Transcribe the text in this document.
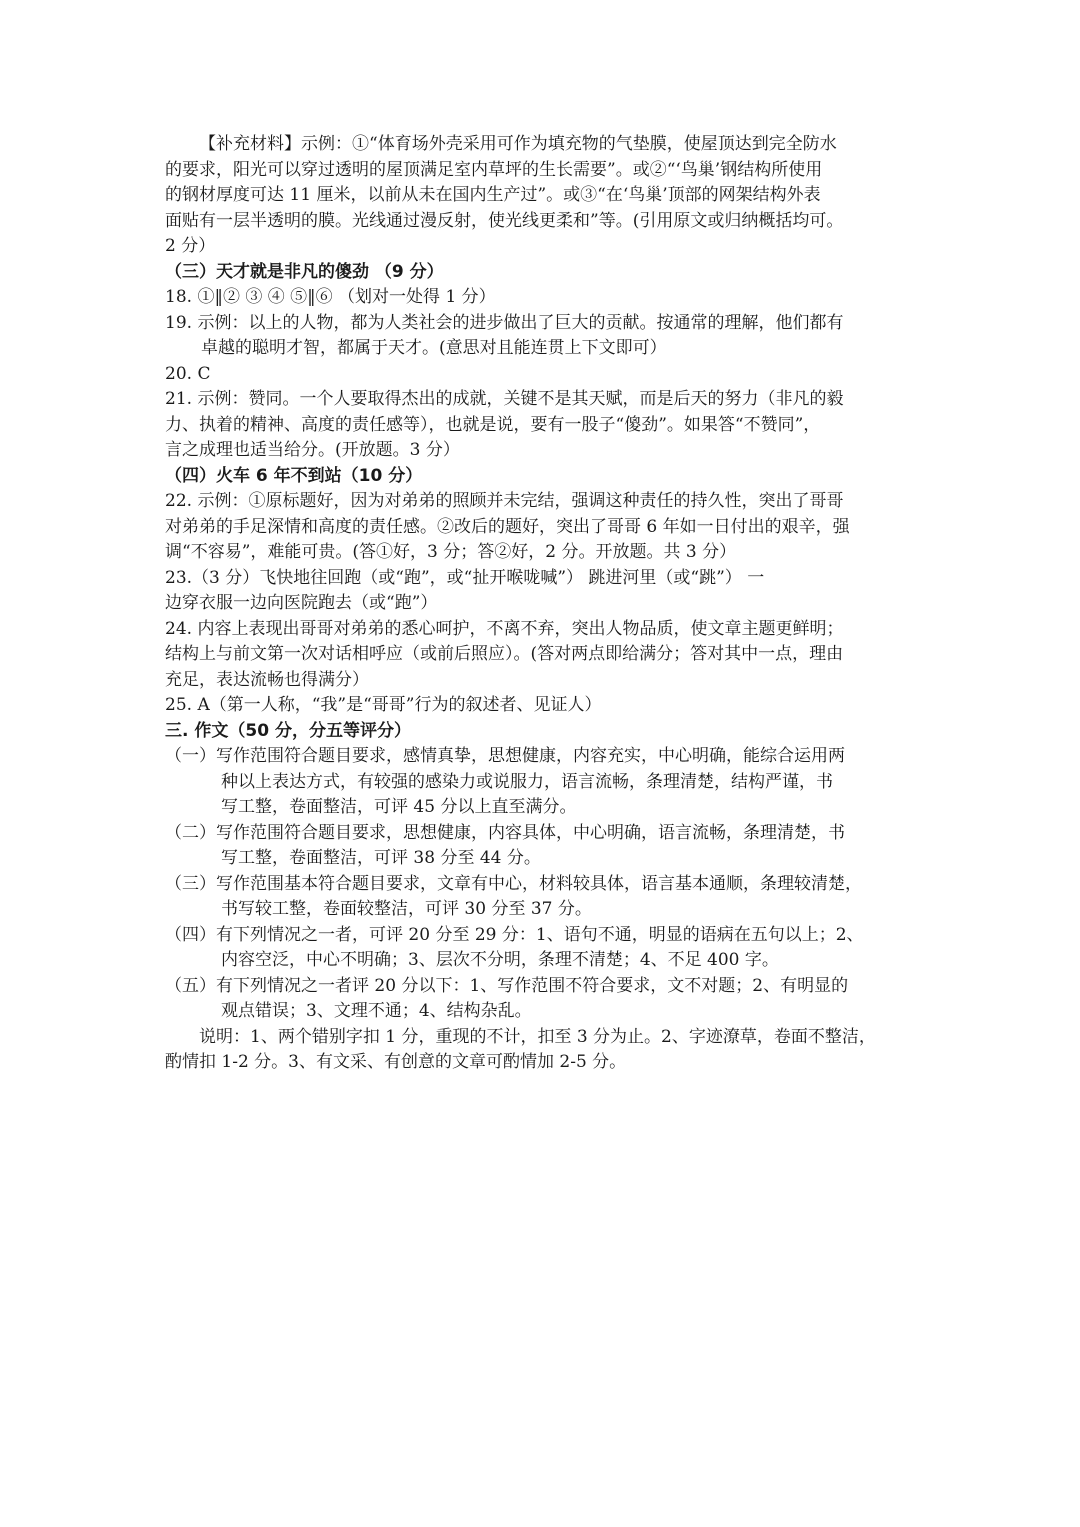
【补充材料】示例：①“体育场外壳采用可作为填充物的气垫膜，使屋顶达到完全防水
的要求，阳光可以穿过透明的屋顶满足室内草坪的生长需要”。或②“‘鸟巢’钢结构所使用
的钢材厚度可达 11 厘米，以前从未在国内生产过”。或③“在‘鸟巢’顶部的网架结构外表
面贴有一层半透明的膜。光线通过漫反射，使光线更柔和”等。(引用原文或归纳概括均可。
2 分）
（三）天才就是非凡的傻劲 （9 分）
18. ①‖② ③ ④ ⑤‖⑥ （划对一处得 1 分）
19. 示例：以上的人物，都为人类社会的进步做出了巨大的贡献。按通常的理解，他们都有
卓越的聪明才智，都属于天才。(意思对且能连贯上下文即可）
20. C
21. 示例：赞同。一个人要取得杰出的成就，关键不是其天赋，而是后天的努力（非凡的毅
力、执着的精神、高度的责任感等），也就是说，要有一股子“傻劲”。如果答“不赞同”，
言之成理也适当给分。(开放题。3 分）
（四）火车 6 年不到站（10 分）
22. 示例：①原标题好，因为对弟弟的照顾并未完结，强调这种责任的持久性，突出了哥哥
对弟弟的手足深情和高度的责任感。②改后的题好，突出了哥哥 6 年如一日付出的艰辛，强
调“不容易”，难能可贵。(答①好，3 分；答②好，2 分。开放题。共 3 分）
23.（3 分）飞快地往回跑（或“跑”，或“扯开喉咙喊”） 跳进河里（或“跳”） 一
边穿衣服一边向医院跑去（或“跑”）
24. 内容上表现出哥哥对弟弟的悉心呵护，不离不弃，突出人物品质，使文章主题更鲜明；
结构上与前文第一次对话相呼应（或前后照应）。(答对两点即给满分；答对其中一点，理由
充足，表达流畅也得满分）
25. A（第一人称，“我”是“哥哥”行为的叙述者、见证人）
三. 作文（50 分，分五等评分）
（一）写作范围符合题目要求，感情真挚，思想健康，内容充实，中心明确，能综合运用两
种以上表达方式，有较强的感染力或说服力，语言流畅，条理清楚，结构严谨，书
写工整，卷面整洁，可评 45 分以上直至满分。
（二）写作范围符合题目要求，思想健康，内容具体，中心明确，语言流畅，条理清楚，书
写工整，卷面整洁，可评 38 分至 44 分。
（三）写作范围基本符合题目要求，文章有中心，材料较具体，语言基本通顺，条理较清楚，
书写较工整，卷面较整洁，可评 30 分至 37 分。
（四）有下列情况之一者，可评 20 分至 29 分：1、语句不通，明显的语病在五句以上；2、
内容空泛，中心不明确；3、层次不分明，条理不清楚；4、不足 400 字。
（五）有下列情况之一者评 20 分以下：1、写作范围不符合要求，文不对题；2、有明显的
观点错误；3、文理不通；4、结构杂乱。
说明：1、两个错别字扣 1 分，重现的不计，扣至 3 分为止。2、字迹潦草，卷面不整洁，
酌情扣 1-2 分。3、有文采、有创意的文章可酌情加 2-5 分。
